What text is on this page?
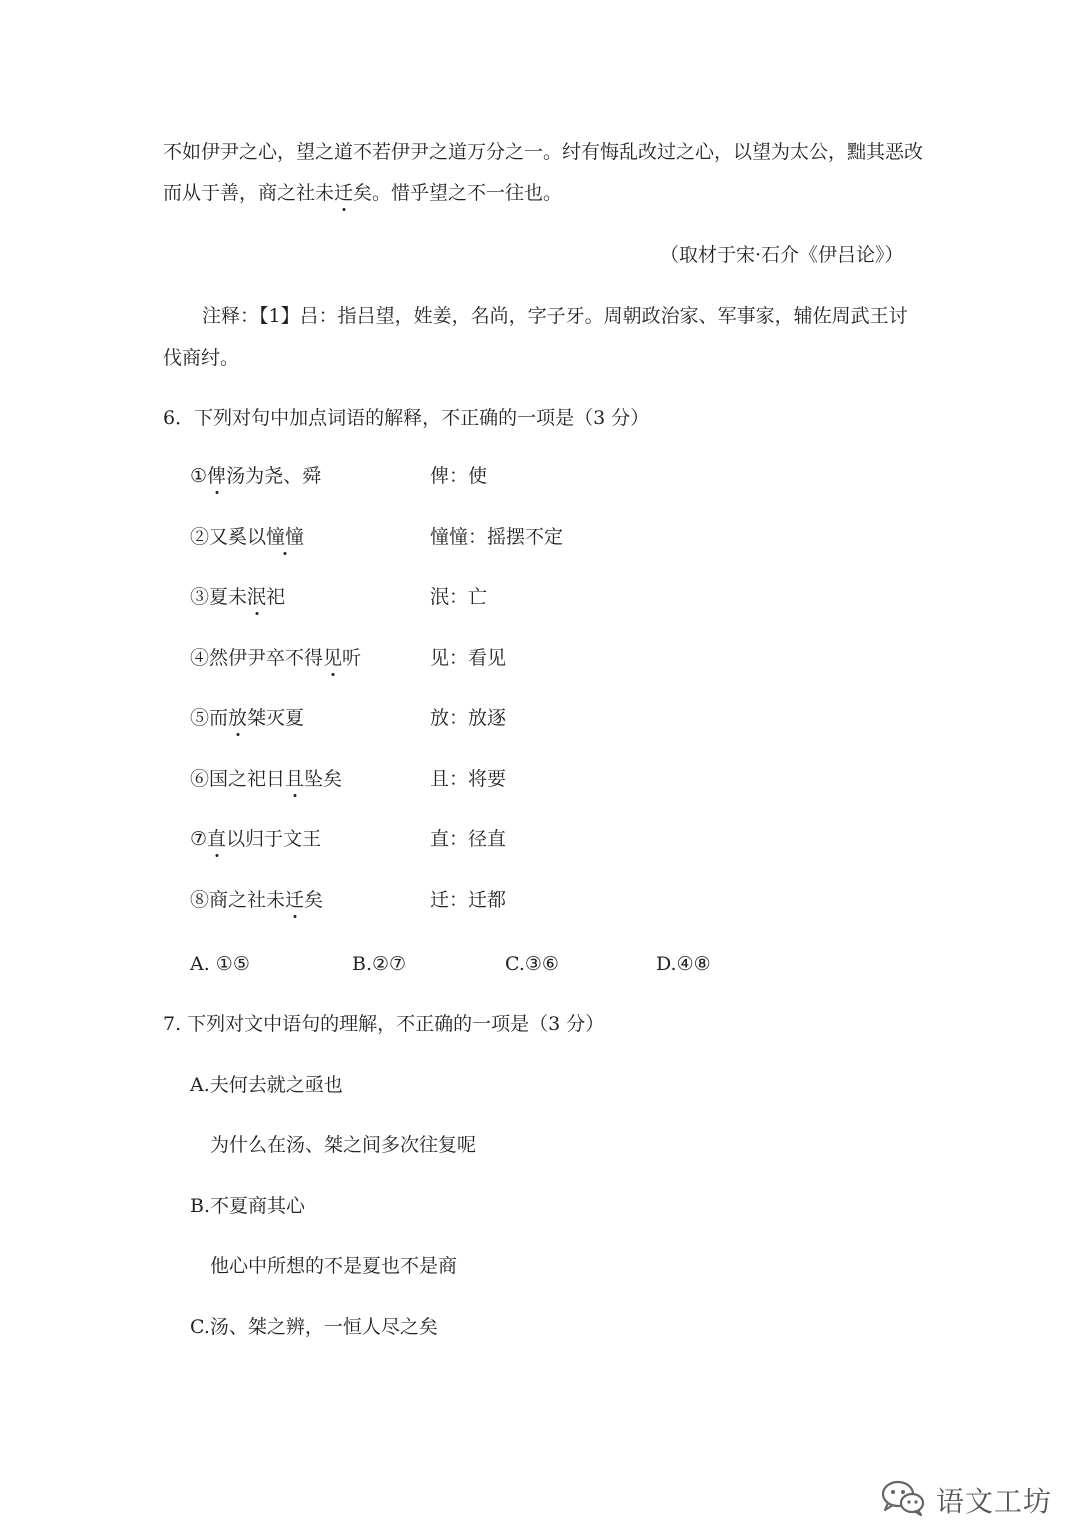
不如伊尹之心，望之道不若伊尹之道万分之一。纣有悔乱改过之心，以望为太公，黜其恶改
而从于善，商之社未迁矣。惜乎望之不一往也。
（取材于宋·石介《伊吕论》）
注释：【1】吕：指吕望，姓姜，名尚，字子牙。周朝政治家、军事家，辅佐周武王讨
伐商纣。
6．下列对句中加点词语的解释，不正确的一项是（3 分）
①俾汤为尧、舜	俾：使
②又奚以憧憧	憧憧：摇摆不定
③夏未泯祀	泯：亡
④然伊尹卒不得见听	见：看见
⑤而放桀灭夏	放：放逐
⑥国之祀日且坠矣	且：将要
⑦直以归于文王	直：径直
⑧商之社未迁矣	迁：迁都
A. ①⑤	B.②⑦	C.③⑥	D.④⑧
7. 下列对文中语句的理解，不正确的一项是（3 分）
A.夫何去就之亟也
为什么在汤、桀之间多次往复呢
B.不夏商其心
他心中所想的不是夏也不是商
C.汤、桀之辨，一恒人尽之矣
语文工坊
